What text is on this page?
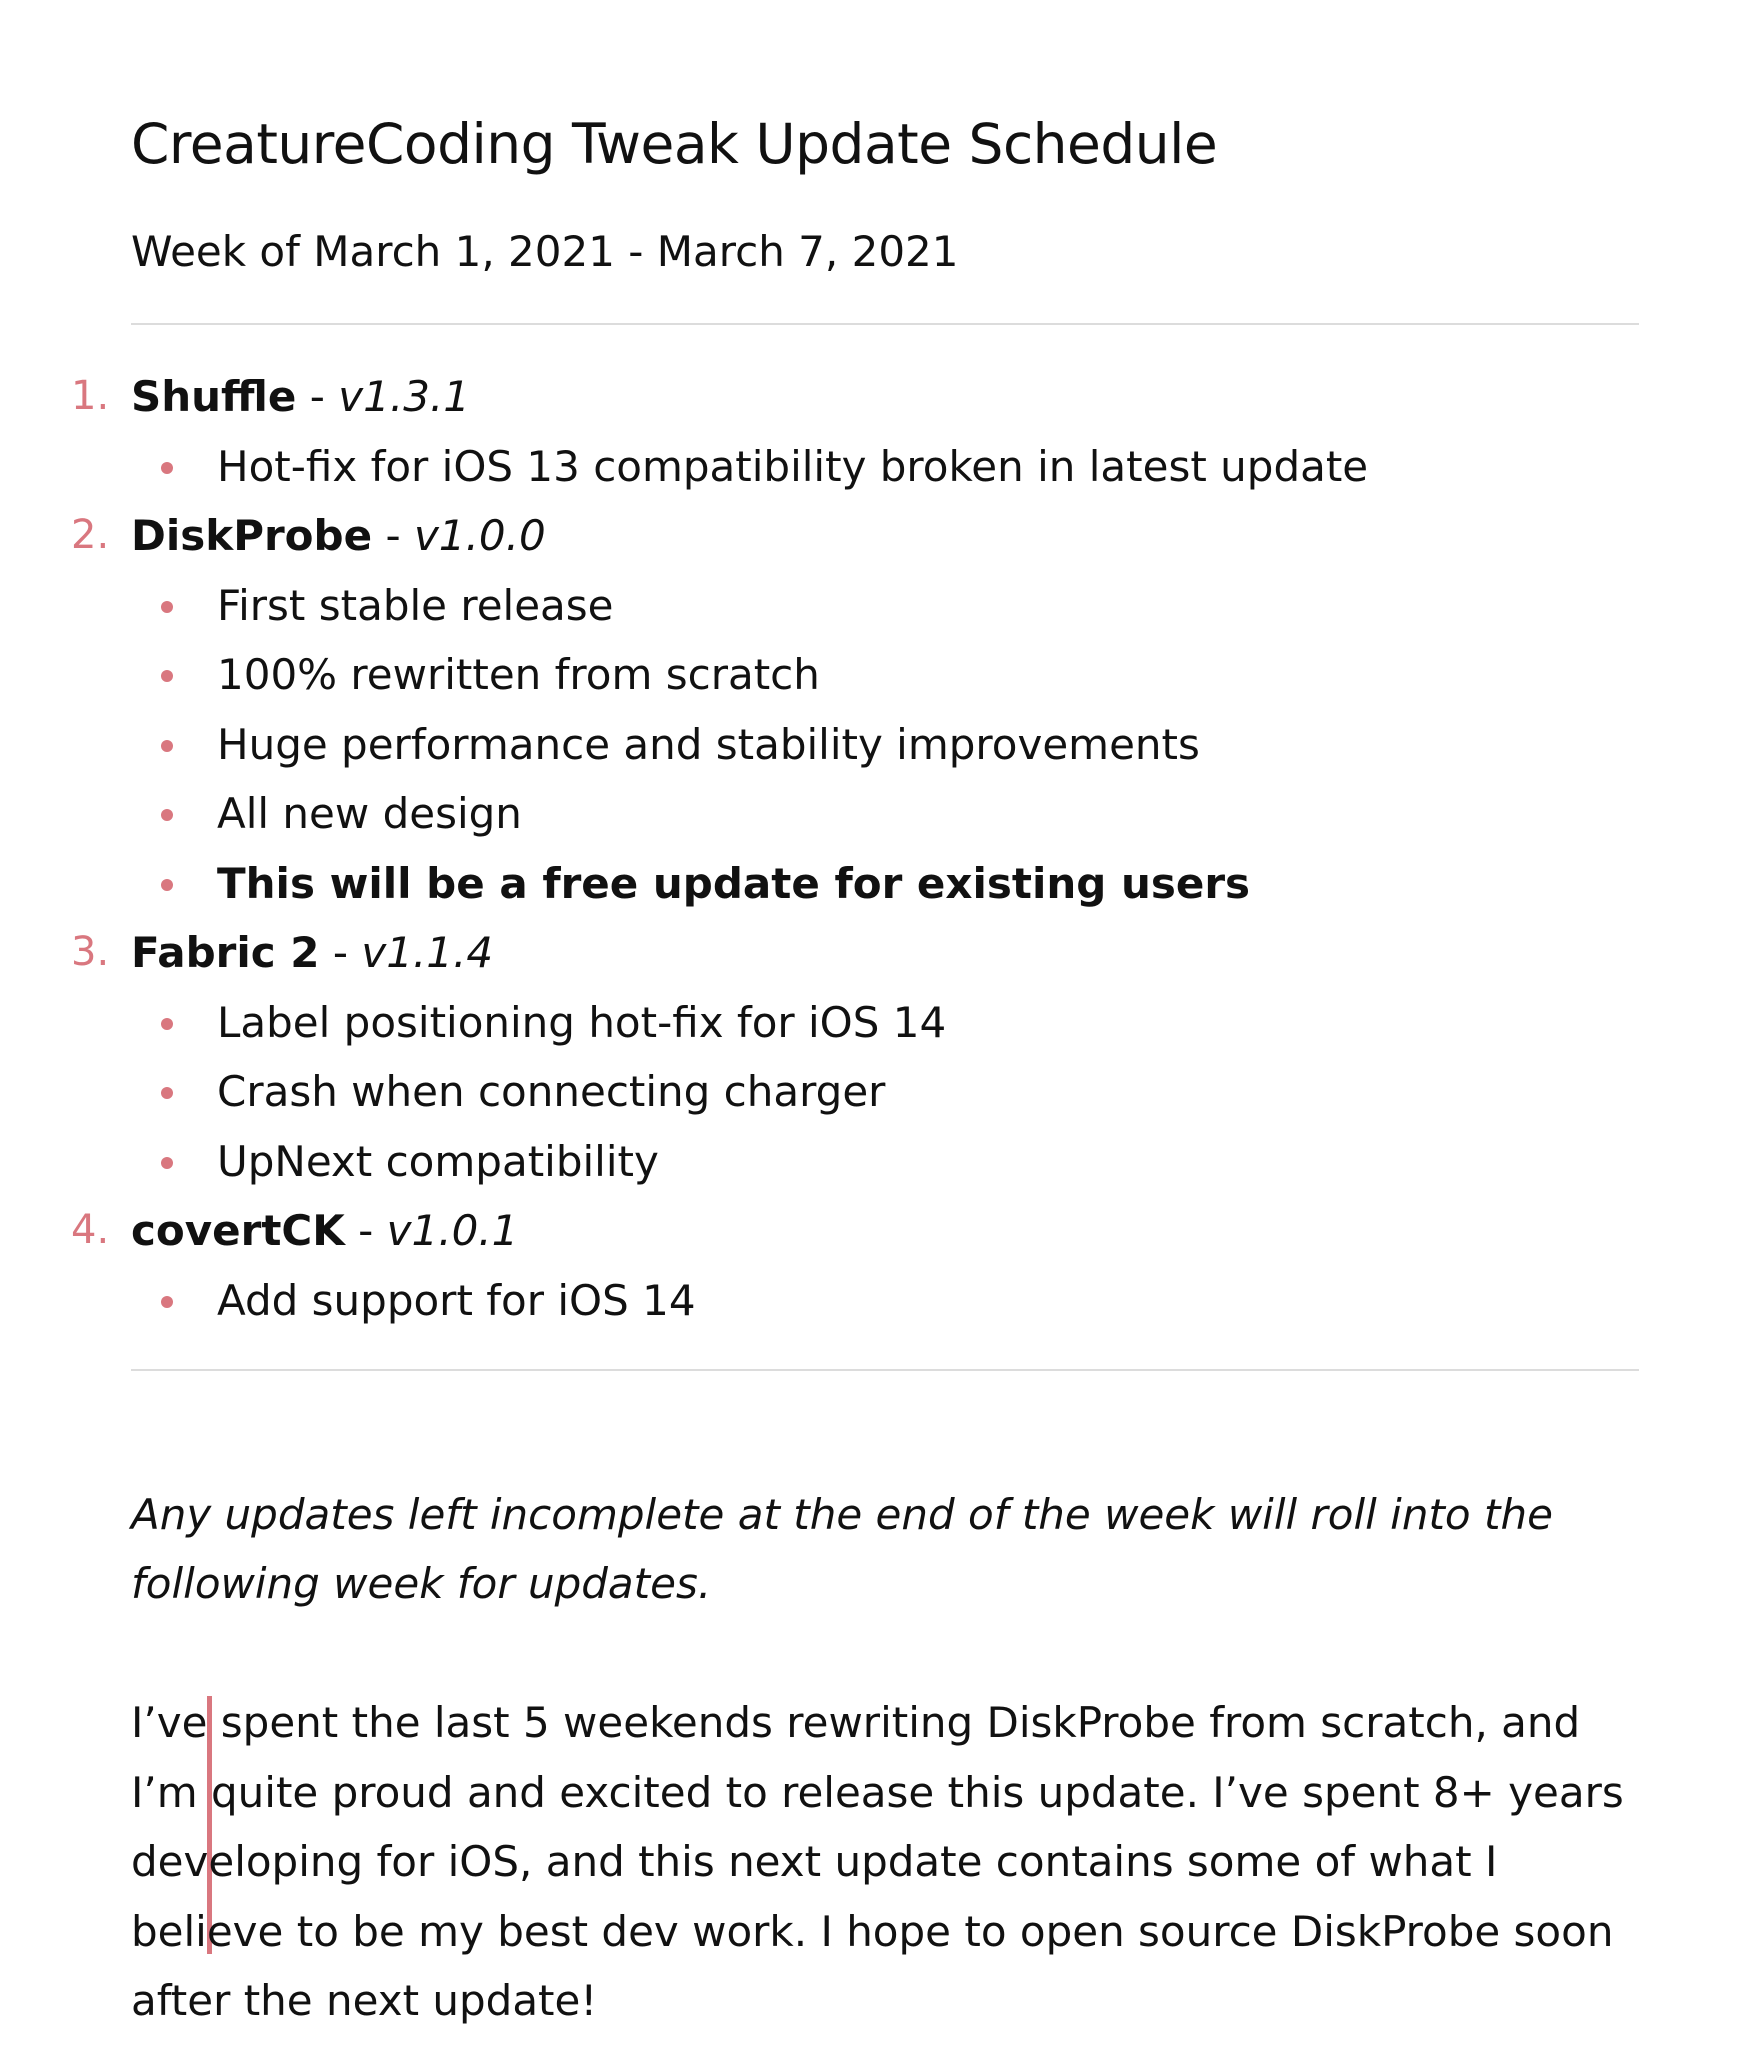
CreatureCoding Tweak Update Schedule

Week of March 1, 2021 - March 7, 2021

1. Shuffle - v1.3.1
Hot-fix for iOS 13 compatibility broken in latest update
2. DiskProbe - v1.0.0
First stable release
100% rewritten from scratch
Huge performance and stability improvements
All new design
This will be a free update for existing users
3. Fabric 2 - v1.1.4
Label positioning hot-fix for iOS 14
Crash when connecting charger
UpNext compatibility
4. covertCK - v1.0.1
Add support for iOS 14

Any updates left incomplete at the end of the week will roll into the following week for updates.

I’ve spent the last 5 weekends rewriting DiskProbe from scratch, and I’m quite proud and excited to release this update. I’ve spent 8+ years developing for iOS, and this next update contains some of what I believe to be my best dev work. I hope to open source DiskProbe soon after the next update!
